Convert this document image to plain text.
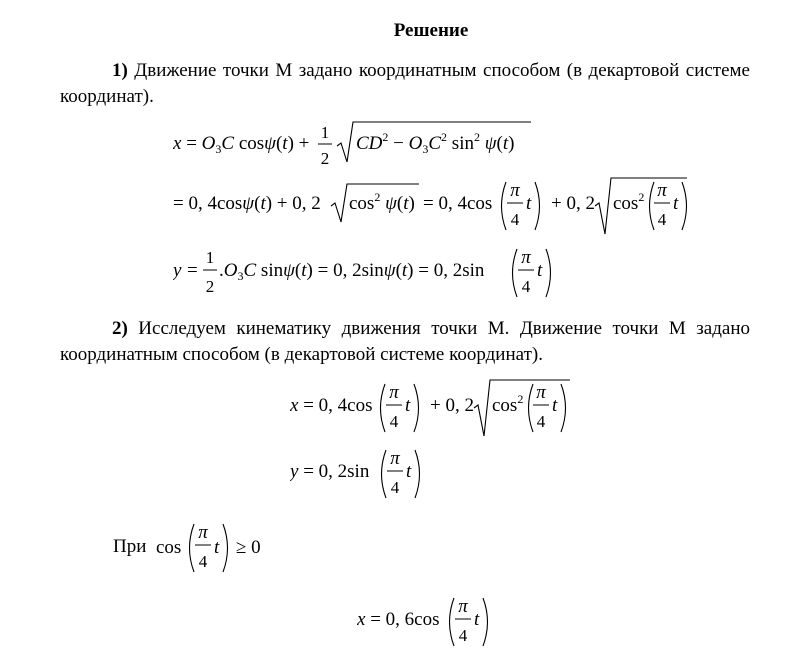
Решение
1) Движение точки М задано координатным способом (в декартовой системе координат).
$x = O_3C$ cosψ(t) +
1
2
$CD^2 - O_3C^2$ $\sin^2 \psi(t)$
= 0, 4cosψ(t) + 0, 2 $\cos^2 \psi(t) = 0$, 4cos
π
4
t + 0, 2 $\cos^2 \pi$
4
t
y =
1
2
$.O_3C$ sinψ(t) = 0, 2sinψ(t) = 0, 2sin
π
4
t
2) Исследуем кинематику движения точки М. Движение точки М задано координатным способом (в декартовой системе координат).
x = 0, 4cos
π
4
t + 0, 2 $\cos^2 \pi$
4
t
y = 0, 2sin
π
4
t
При cos
π
4
t ≥ 0
x = 0, 6cos
π
4
t
